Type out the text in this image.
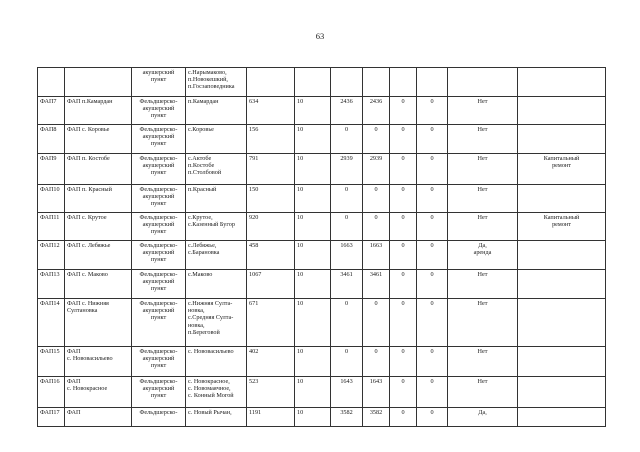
63
		акушерский
пункт	с.Нарымаково,
п.Новокешкий,
п.Госзаповедника								
ФАП7	ФАП п.Камардан	Фельдшерско-
акушерский
пункт	п.Камардан	634	10	2436	2436	0	0	Нет	
ФАП8	ФАП с. Коровье	Фельдшерско-
акушерский
пункт	с.Коровье	156	10	0	0	0	0	Нет	
ФАП9	ФАП п. Костобе	Фельдшерско-
акушерский
пункт	с.Актобе
п.Костобе
п.Столбовой	791	10	2939	2939	0	0	Нет	Капитальный
ремонт
ФАП10	ФАП п. Красный	Фельдшерско-
акушерский
пункт	п.Красный	150	10	0	0	0	0	Нет	
ФАП11	ФАП с. Крутое	Фельдшерско-
акушерский
пункт	с.Крутое,
с.Казенный Бугор	920	10	0	0	0	0	Нет	Капитальный
ремонт
ФАП12	ФАП с. Лебяжье	Фельдшерско-
акушерский
пункт	с.Лебяжье,
с.Барановка	458	10	1663	1663	0	0	Да,
аренда	
ФАП13	ФАП с. Маково	Фельдшерско-
акушерский
пункт	с.Маково	1067	10	3461	3461	0	0	Нет	
ФАП14	ФАП с. Нижняя
Султановка	Фельдшерско-
акушерский
пункт	с.Нижняя Султа-
новка,
с.Средняя Султа-
новка,
п.Береговой	671	10	0	0	0	0	Нет	
ФАП15	ФАП
с. Нововасильево	Фельдшерско-
акушерский
пункт	с. Нововасильево	402	10	0	0	0	0	Нет	
ФАП16	ФАП
с. Новокрасное	Фельдшерско-
акушерский
пункт	с. Новокрасное,
с. Новомаячное,
с. Конный Могой	523	10	1643	1643	0	0	Нет	
ФАП17	ФАП	Фельдшерско-	с. Новый Рычан,	1191	10	3582	3582	0	0	Да,	
